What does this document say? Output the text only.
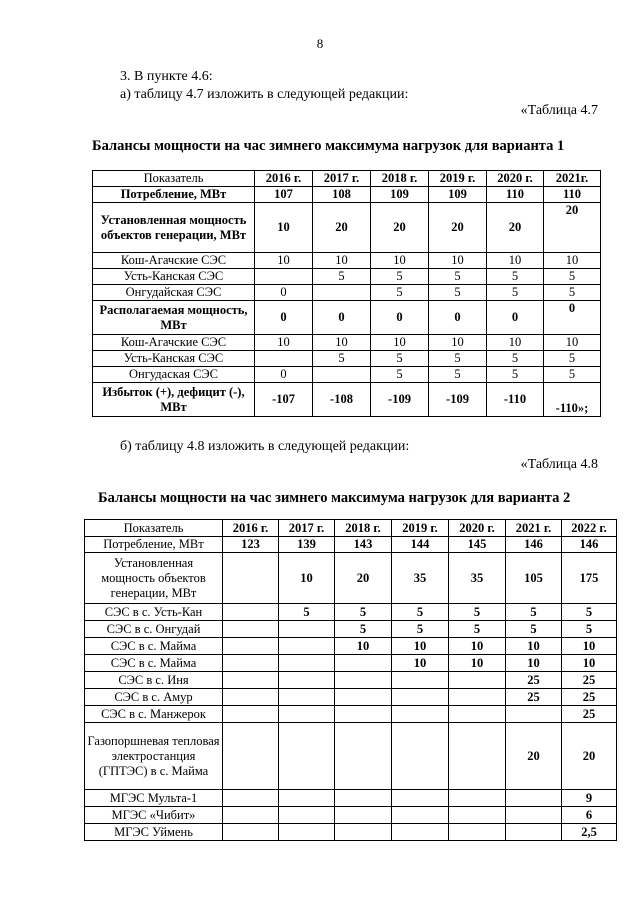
8
3. В пункте 4.6:
а) таблицу 4.7 изложить в следующей редакции:
«Таблица 4.7
Балансы мощности на час зимнего максимума нагрузок для варианта 1
Показатель	2016 г.	2017 г.	2018 г.	2019 г.	2020 г.	2021г.
Потребление, МВт	107	108	109	109	110	110
Установленная мощность объектов генерации, МВт	10	20	20	20	20	20
Кош-Агачские СЭС	10	10	10	10	10	10
Усть-Канская СЭС		5	5	5	5	5
Онгудайская СЭС	0		5	5	5	5
Располагаемая мощность, МВт	0	0	0	0	0	0
Кош-Агачские СЭС	10	10	10	10	10	10
Усть-Канская СЭС		5	5	5	5	5
Онгудаская СЭС	0		5	5	5	5
Избыток (+), дефицит (-), МВт	-107	-108	-109	-109	-110	-110»;
б) таблицу 4.8 изложить в следующей редакции:
«Таблица 4.8
Балансы мощности на час зимнего максимума нагрузок для варианта 2
Показатель	2016 г.	2017 г.	2018 г.	2019 г.	2020 г.	2021 г.	2022 г.
Потребление, МВт	123	139	143	144	145	146	146
Установленная мощность объектов генерации, МВт		10	20	35	35	105	175
СЭС в с. Усть-Кан		5	5	5	5	5	5
СЭС в с. Онгудай			5	5	5	5	5
СЭС в с. Майма			10	10	10	10	10
СЭС в с. Майма				10	10	10	10
СЭС в с. Иня						25	25
СЭС в с. Амур						25	25
СЭС в с. Манжерок							25
Газопоршневая тепловая электростанция (ГПТЭС) в с. Майма						20	20
МГЭС Мульта-1							9
МГЭС «Чибит»							6
МГЭС Уймень							2,5
